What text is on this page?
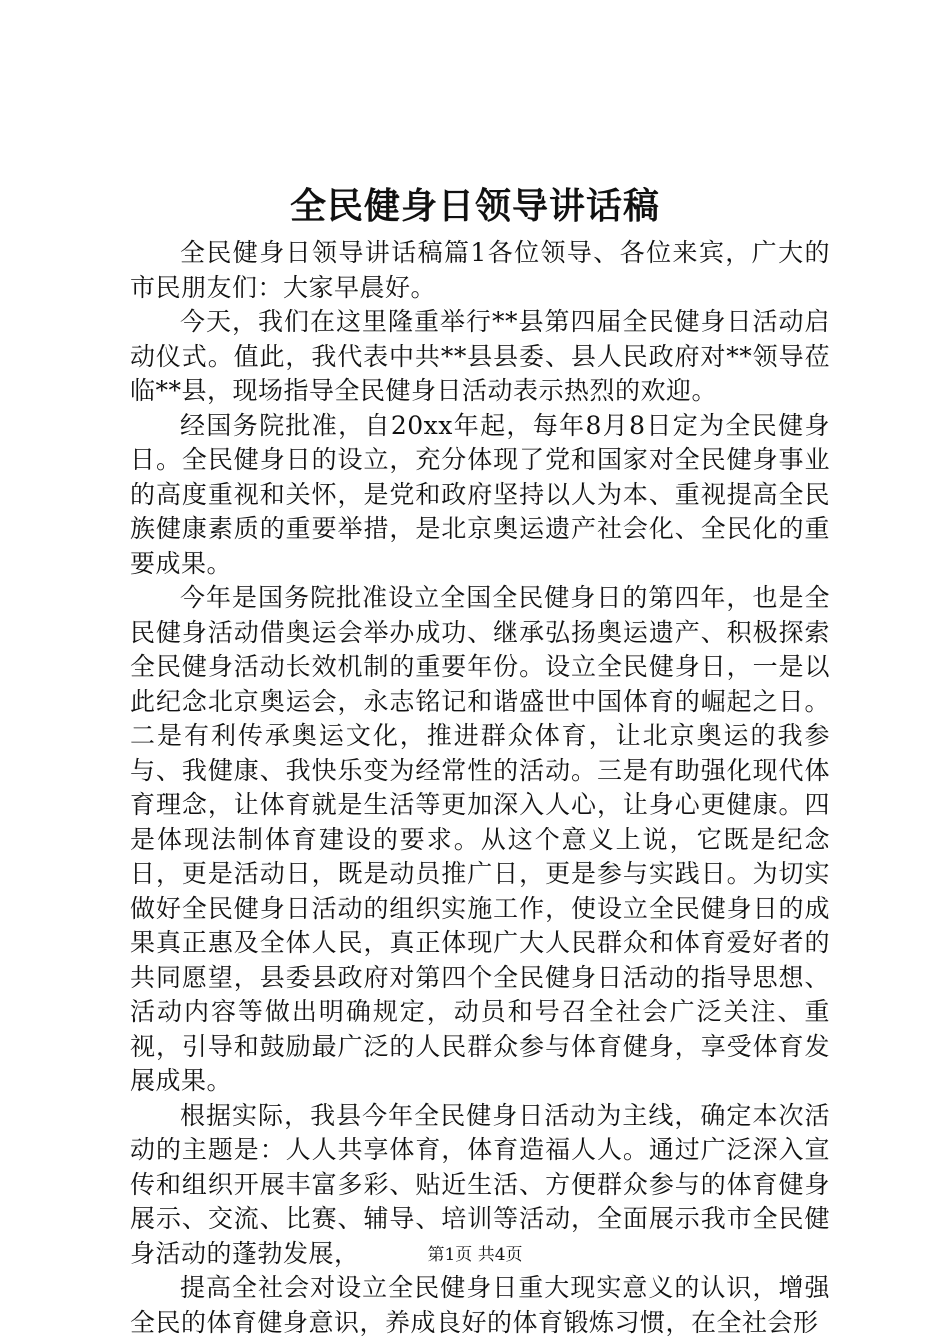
全民健身日领导讲话稿

全民健身日领导讲话稿篇1各位领导、各位来宾，广大的市民朋友们：大家早晨好。

今天，我们在这里隆重举行**县第四届全民健身日活动启动仪式。值此，我代表中共**县县委、县人民政府对**领导莅临**县，现场指导全民健身日活动表示热烈的欢迎。

经国务院批准，自20xx年起，每年8月8日定为全民健身日。全民健身日的设立，充分体现了党和国家对全民健身事业的高度重视和关怀，是党和政府坚持以人为本、重视提高全民族健康素质的重要举措，是北京奥运遗产社会化、全民化的重要成果。

今年是国务院批准设立全国全民健身日的第四年，也是全民健身活动借奥运会举办成功、继承弘扬奥运遗产、积极探索全民健身活动长效机制的重要年份。设立全民健身日，一是以此纪念北京奥运会，永志铭记和谐盛世中国体育的崛起之日。二是有利传承奥运文化，推进群众体育，让北京奥运的我参与、我健康、我快乐变为经常性的活动。三是有助强化现代体育理念，让体育就是生活等更加深入人心，让身心更健康。四是体现法制体育建设的要求。从这个意义上说，它既是纪念日，更是活动日，既是动员推广日，更是参与实践日。为切实做好全民健身日活动的组织实施工作，使设立全民健身日的成果真正惠及全体人民，真正体现广大人民群众和体育爱好者的共同愿望，县委县政府对第四个全民健身日活动的指导思想、活动内容等做出明确规定，动员和号召全社会广泛关注、重视，引导和鼓励最广泛的人民群众参与体育健身，享受体育发展成果。

根据实际，我县今年全民健身日活动为主线，确定本次活动的主题是：人人共享体育，体育造福人人。通过广泛深入宣传和组织开展丰富多彩、贴近生活、方便群众参与的体育健身展示、交流、比赛、辅导、培训等活动，全面展示我市全民健身活动的蓬勃发展，

提高全社会对设立全民健身日重大现实意义的认识，增强全民的体育健身意识，养成良好的体育锻炼习惯，在全社会形

第1页 共4页
